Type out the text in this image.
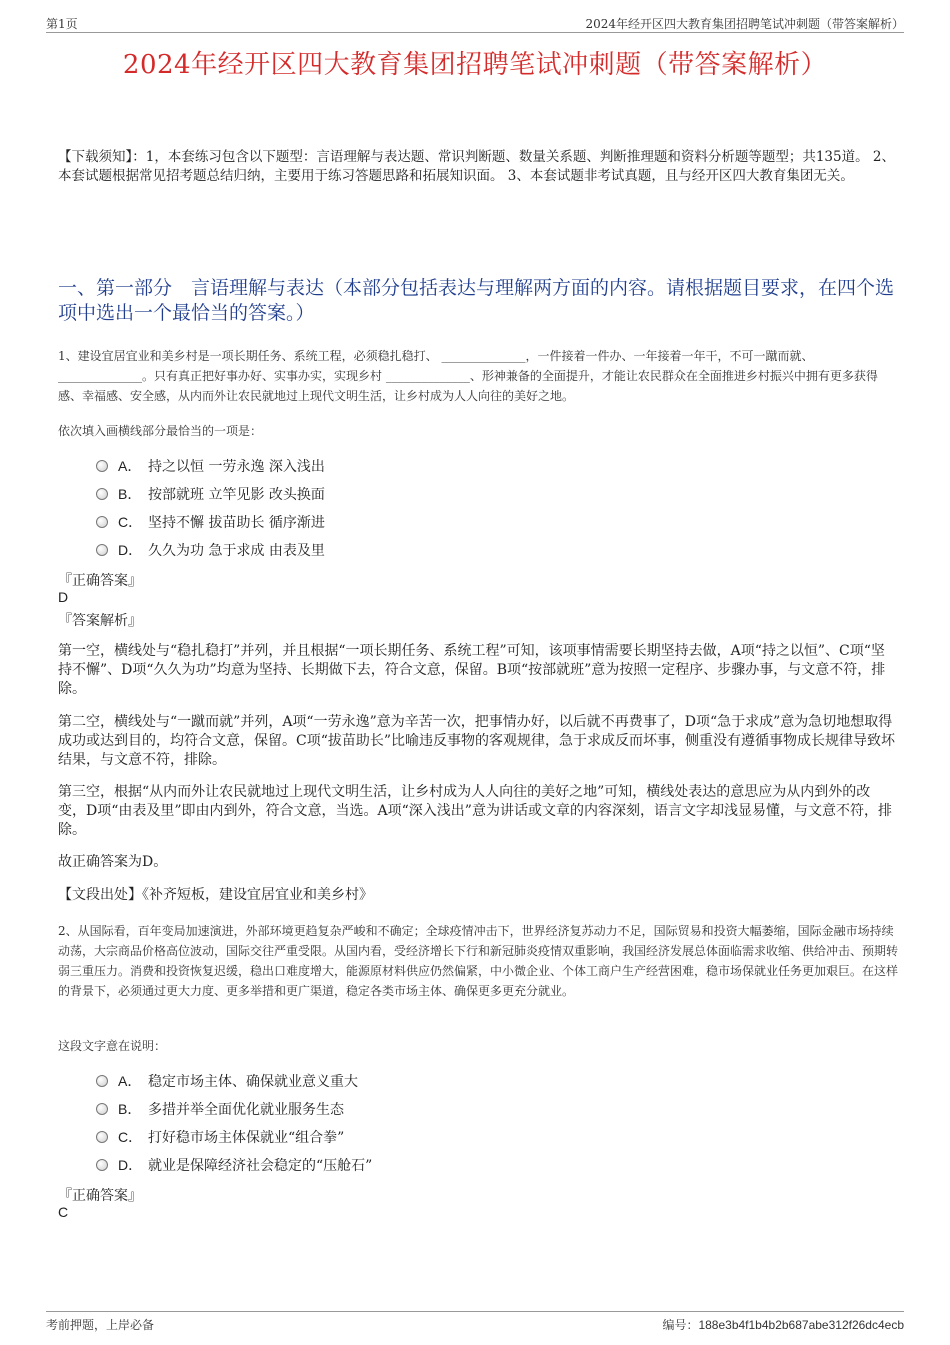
第1页	2024年经开区四大教育集团招聘笔试冲刺题（带答案解析）
2024年经开区四大教育集团招聘笔试冲刺题（带答案解析）
【下载须知】：1，本套练习包含以下题型：言语理解与表达题、常识判断题、数量关系题、判断推理题和资料分析题等题型；共135道。 2、本套试题根据常见招考题总结归纳，主要用于练习答题思路和拓展知识面。 3、本套试题非考试真题，且与经开区四大教育集团无关。
一、第一部分　言语理解与表达（本部分包括表达与理解两方面的内容。请根据题目要求，在四个选项中选出一个最恰当的答案。）

1、建设宜居宜业和美乡村是一项长期任务、系统工程，必须稳扎稳打、 ______________，一件接着一件办、一年接着一年干，不可一蹴而就、 ______________。只有真正把好事办好、实事办实，实现乡村 ______________、形神兼备的全面提升，才能让农民群众在全面推进乡村振兴中拥有更多获得感、幸福感、安全感，从内而外让农民就地过上现代文明生活，让乡村成为人人向往的美好之地。

依次填入画横线部分最恰当的一项是：

A． 持之以恒 一劳永逸 深入浅出
B． 按部就班 立竿见影 改头换面
C． 坚持不懈 拔苗助长 循序渐进
D． 久久为功 急于求成 由表及里
『正确答案』
D
『答案解析』

第一空，横线处与“稳扎稳打”并列，并且根据“一项长期任务、系统工程”可知，该项事情需要长期坚持去做，A项“持之以恒”、C项“坚持不懈”、D项“久久为功”均意为坚持、长期做下去，符合文意，保留。B项“按部就班”意为按照一定程序、步骤办事，与文意不符，排除。

第二空，横线处与“一蹴而就”并列，A项“一劳永逸”意为辛苦一次，把事情办好，以后就不再费事了，D项“急于求成”意为急切地想取得成功或达到目的，均符合文意，保留。C项“拔苗助长”比喻违反事物的客观规律，急于求成反而坏事，侧重没有遵循事物成长规律导致坏结果，与文意不符，排除。

第三空，根据“从内而外让农民就地过上现代文明生活，让乡村成为人人向往的美好之地”可知，横线处表达的意思应为从内到外的改变，D项“由表及里”即由内到外，符合文意，当选。A项“深入浅出”意为讲话或文章的内容深刻，语言文字却浅显易懂，与文意不符，排除。

故正确答案为D。

【文段出处】《补齐短板，建设宜居宜业和美乡村》

2、从国际看，百年变局加速演进，外部环境更趋复杂严峻和不确定；全球疫情冲击下，世界经济复苏动力不足，国际贸易和投资大幅萎缩，国际金融市场持续动荡，大宗商品价格高位波动，国际交往严重受限。从国内看，受经济增长下行和新冠肺炎疫情双重影响，我国经济发展总体面临需求收缩、供给冲击、预期转弱三重压力。消费和投资恢复迟缓，稳出口难度增大，能源原材料供应仍然偏紧，中小微企业、个体工商户生产经营困难，稳市场保就业任务更加艰巨。在这样的背景下，必须通过更大力度、更多举措和更广渠道，稳定各类市场主体、确保更多更充分就业。

这段文字意在说明：

A． 稳定市场主体、确保就业意义重大
B． 多措并举全面优化就业服务生态
C． 打好稳市场主体保就业“组合拳”
D． 就业是保障经济社会稳定的“压舱石”
『正确答案』
C
考前押题，上岸必备	编号：188e3b4f1b4b2b687abe312f26dc4ecb
